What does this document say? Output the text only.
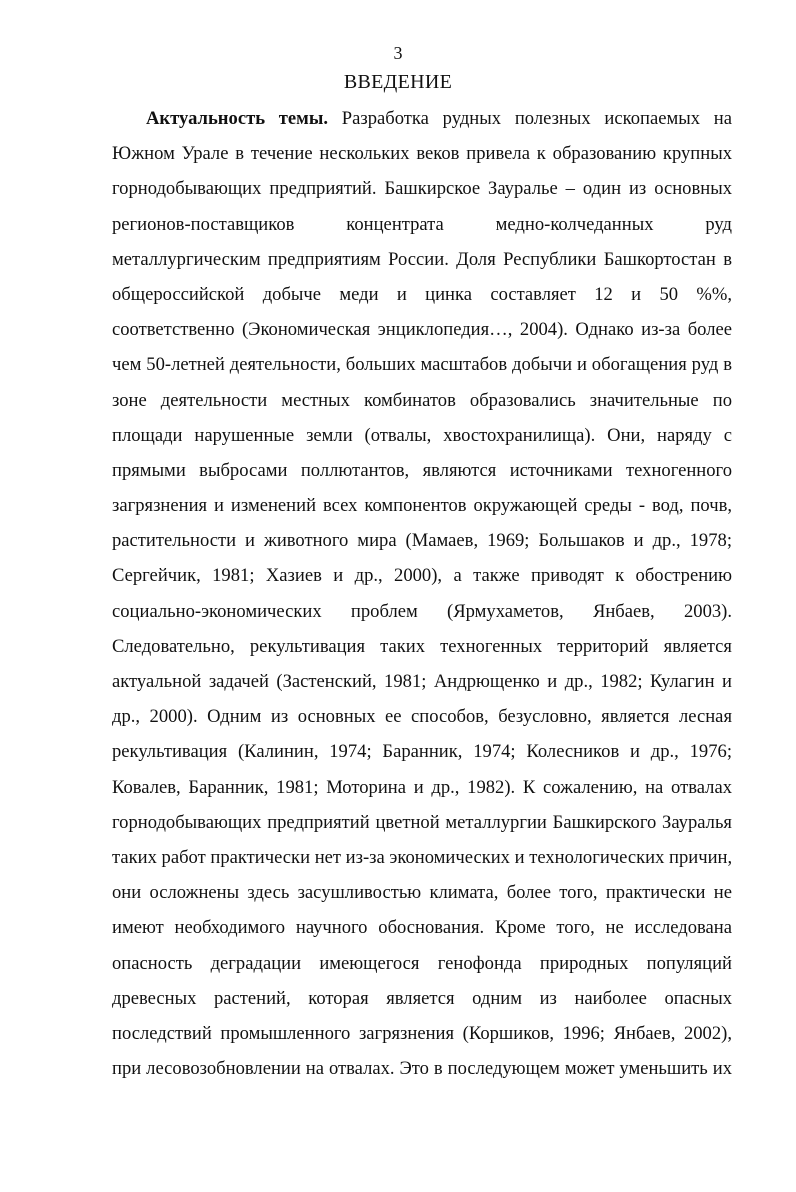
3
ВВЕДЕНИЕ
Актуальность темы. Разработка рудных полезных ископаемых на
Южном Урале в течение нескольких веков привела к образованию крупных
горнодобывающих предприятий. Башкирское Зауралье – один из основных
регионов-поставщиков концентрата медно-колчеданных руд
металлургическим предприятиям России. Доля Республики Башкортостан в
общероссийской добыче меди и цинка составляет 12 и 50 %%,
соответственно (Экономическая энциклопедия…, 2004). Однако из-за более
чем 50-летней деятельности, больших масштабов добычи и обогащения руд в
зоне деятельности местных комбинатов образовались значительные по
площади нарушенные земли (отвалы, хвостохранилища). Они, наряду с
прямыми выбросами поллютантов, являются источниками техногенного
загрязнения и изменений всех компонентов окружающей среды - вод, почв,
растительности и животного мира (Мамаев, 1969; Большаков и др., 1978;
Сергейчик, 1981; Хазиев и др., 2000), а также приводят к обострению
социально-экономических проблем (Ярмухаметов, Янбаев, 2003).
Следовательно, рекультивация таких техногенных территорий является
актуальной задачей (Застенский, 1981; Андрющенко и др., 1982; Кулагин и
др., 2000). Одним из основных ее способов, безусловно, является лесная
рекультивация (Калинин, 1974; Баранник, 1974; Колесников и др., 1976;
Ковалев, Баранник, 1981; Моторина и др., 1982). К сожалению, на отвалах
горнодобывающих предприятий цветной металлургии Башкирского Зауралья
таких работ практически нет из-за экономических и технологических причин,
они осложнены здесь засушливостью климата, более того, практически не
имеют необходимого научного обоснования. Кроме того, не исследована
опасность деградации имеющегося генофонда природных популяций
древесных растений, которая является одним из наиболее опасных
последствий промышленного загрязнения (Коршиков, 1996; Янбаев, 2002),
при лесовозобновлении на отвалах. Это в последующем может уменьшить их
